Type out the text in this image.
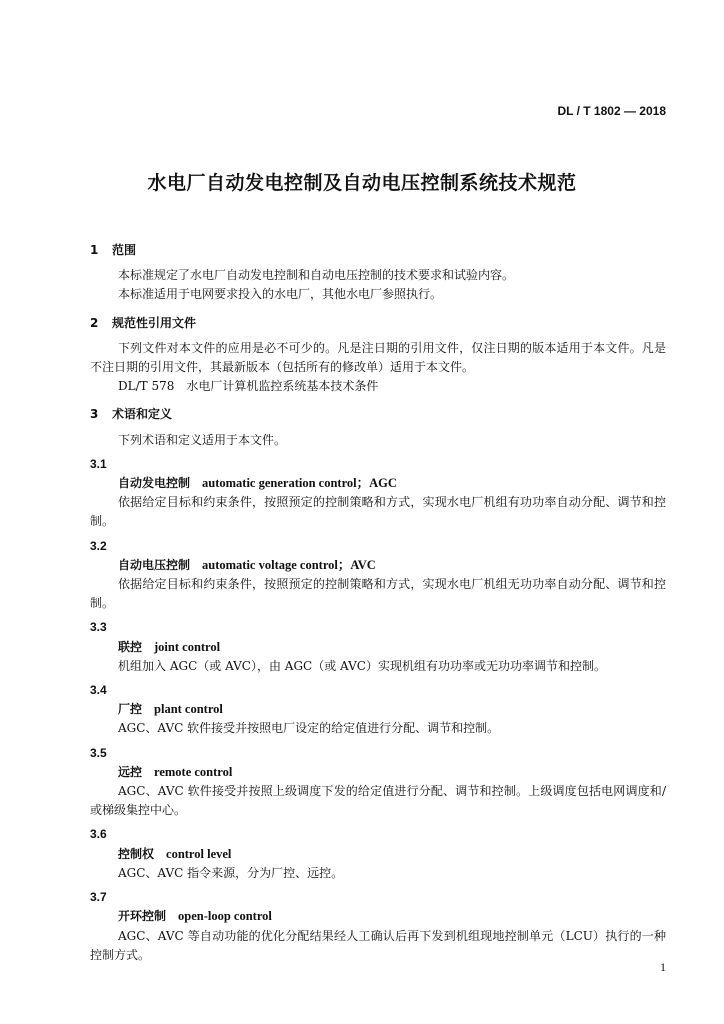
DL / T 1802 — 2018
水电厂自动发电控制及自动电压控制系统技术规范
1 范围

本标准规定了水电厂自动发电控制和自动电压控制的技术要求和试验内容。

本标准适用于电网要求投入的水电厂，其他水电厂参照执行。

2 规范性引用文件

下列文件对本文件的应用是必不可少的。凡是注日期的引用文件，仅注日期的版本适用于本文件。凡是不注日期的引用文件，其最新版本（包括所有的修改单）适用于本文件。

DL/T 578　水电厂计算机监控系统基本技术条件

3 术语和定义

下列术语和定义适用于本文件。

3.1
自动发电控制 automatic generation control；AGC

依据给定目标和约束条件，按照预定的控制策略和方式，实现水电厂机组有功功率自动分配、调节和控制。

3.2
自动电压控制 automatic voltage control；AVC

依据给定目标和约束条件，按照预定的控制策略和方式，实现水电厂机组无功功率自动分配、调节和控制。

3.3
联控 joint control

机组加入 AGC（或 AVC），由 AGC（或 AVC）实现机组有功功率或无功功率调节和控制。

3.4
厂控 plant control

AGC、AVC 软件接受并按照电厂设定的给定值进行分配、调节和控制。

3.5
远控 remote control

AGC、AVC 软件接受并按照上级调度下发的给定值进行分配、调节和控制。上级调度包括电网调度和/或梯级集控中心。

3.6
控制权 control level

AGC、AVC 指令来源，分为厂控、远控。

3.7
开环控制 open-loop control

AGC、AVC 等自动功能的优化分配结果经人工确认后再下发到机组现地控制单元（LCU）执行的一种控制方式。

1
